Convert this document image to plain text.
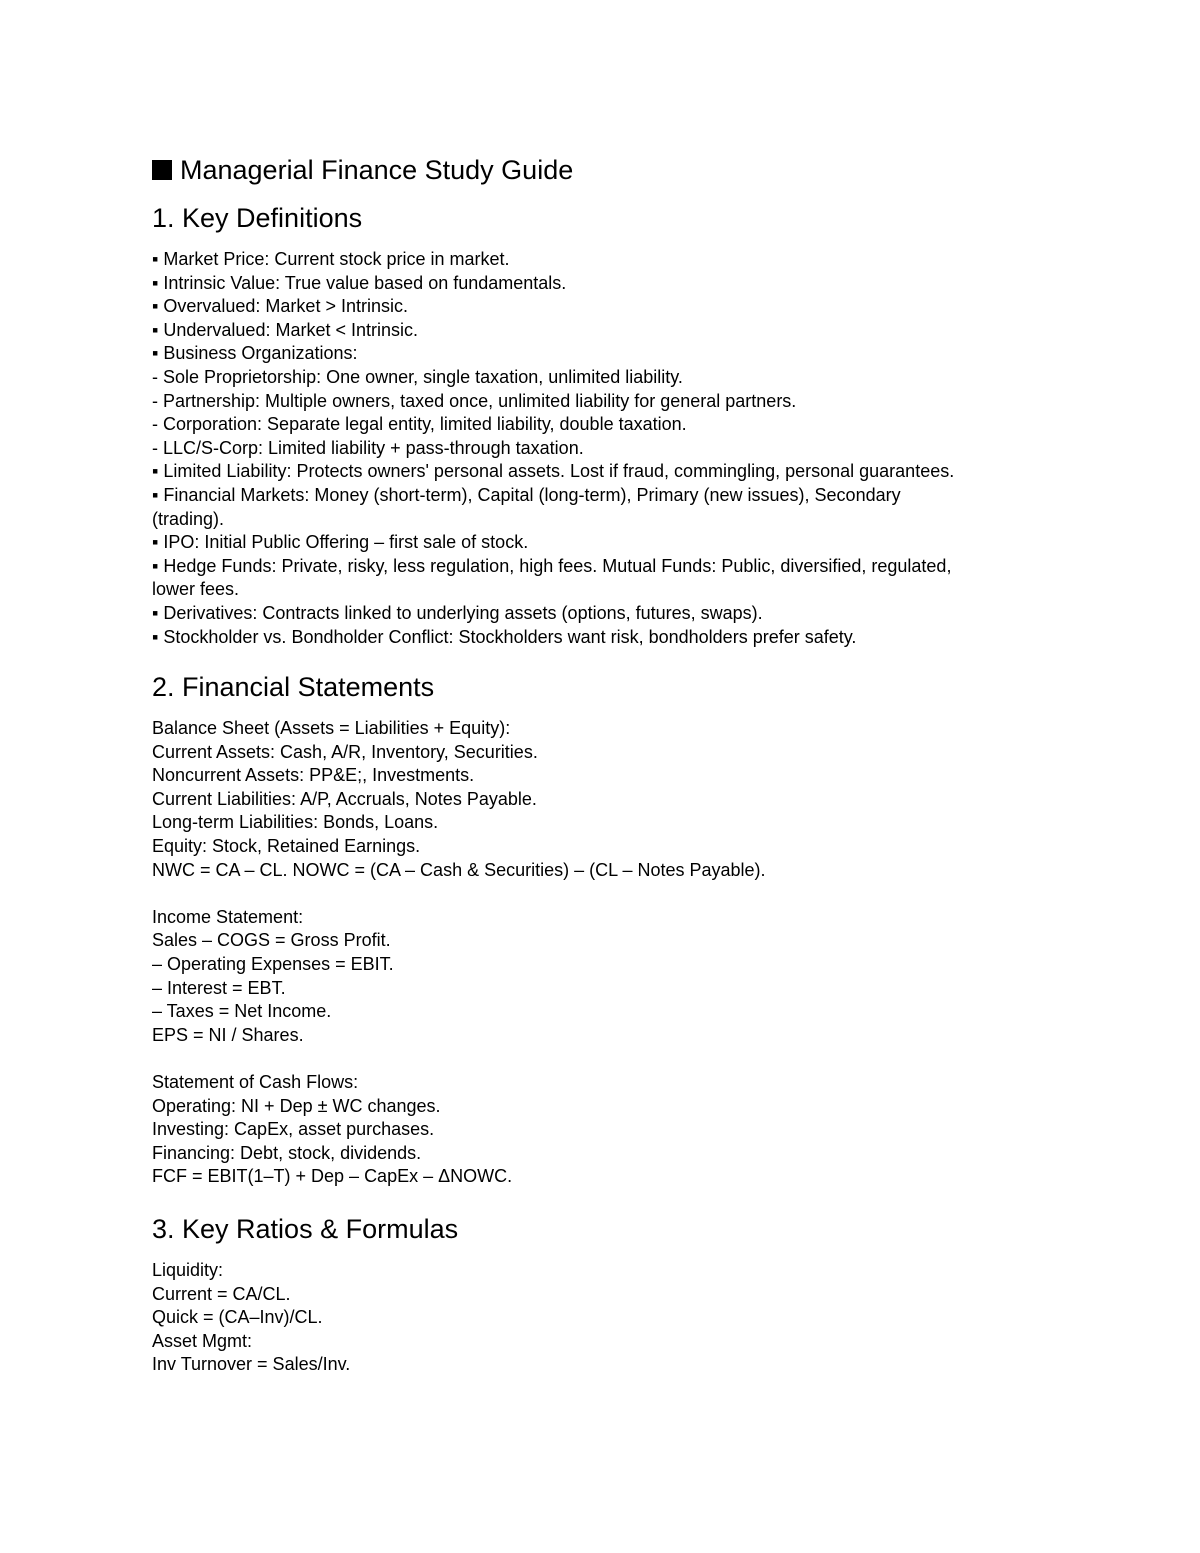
Managerial Finance Study Guide
1. Key Definitions
▪ Market Price: Current stock price in market.
▪ Intrinsic Value: True value based on fundamentals.
▪ Overvalued: Market > Intrinsic.
▪ Undervalued: Market < Intrinsic.
▪ Business Organizations:
- Sole Proprietorship: One owner, single taxation, unlimited liability.
- Partnership: Multiple owners, taxed once, unlimited liability for general partners.
- Corporation: Separate legal entity, limited liability, double taxation.
- LLC/S-Corp: Limited liability + pass-through taxation.
▪ Limited Liability: Protects owners' personal assets. Lost if fraud, commingling, personal guarantees.
▪ Financial Markets: Money (short-term), Capital (long-term), Primary (new issues), Secondary
(trading).
▪ IPO: Initial Public Offering – first sale of stock.
▪ Hedge Funds: Private, risky, less regulation, high fees. Mutual Funds: Public, diversified, regulated,
lower fees.
▪ Derivatives: Contracts linked to underlying assets (options, futures, swaps).
▪ Stockholder vs. Bondholder Conflict: Stockholders want risk, bondholders prefer safety.
2. Financial Statements
Balance Sheet (Assets = Liabilities + Equity):
Current Assets: Cash, A/R, Inventory, Securities.
Noncurrent Assets: PP&E;, Investments.
Current Liabilities: A/P, Accruals, Notes Payable.
Long-term Liabilities: Bonds, Loans.
Equity: Stock, Retained Earnings.
NWC = CA – CL. NOWC = (CA – Cash & Securities) – (CL – Notes Payable).
Income Statement:
Sales – COGS = Gross Profit.
– Operating Expenses = EBIT.
– Interest = EBT.
– Taxes = Net Income.
EPS = NI / Shares.
Statement of Cash Flows:
Operating: NI + Dep ± WC changes.
Investing: CapEx, asset purchases.
Financing: Debt, stock, dividends.
FCF = EBIT(1–T) + Dep – CapEx – ΔNOWC.
3. Key Ratios & Formulas
Liquidity:
Current = CA/CL.
Quick = (CA–Inv)/CL.
Asset Mgmt:
Inv Turnover = Sales/Inv.
